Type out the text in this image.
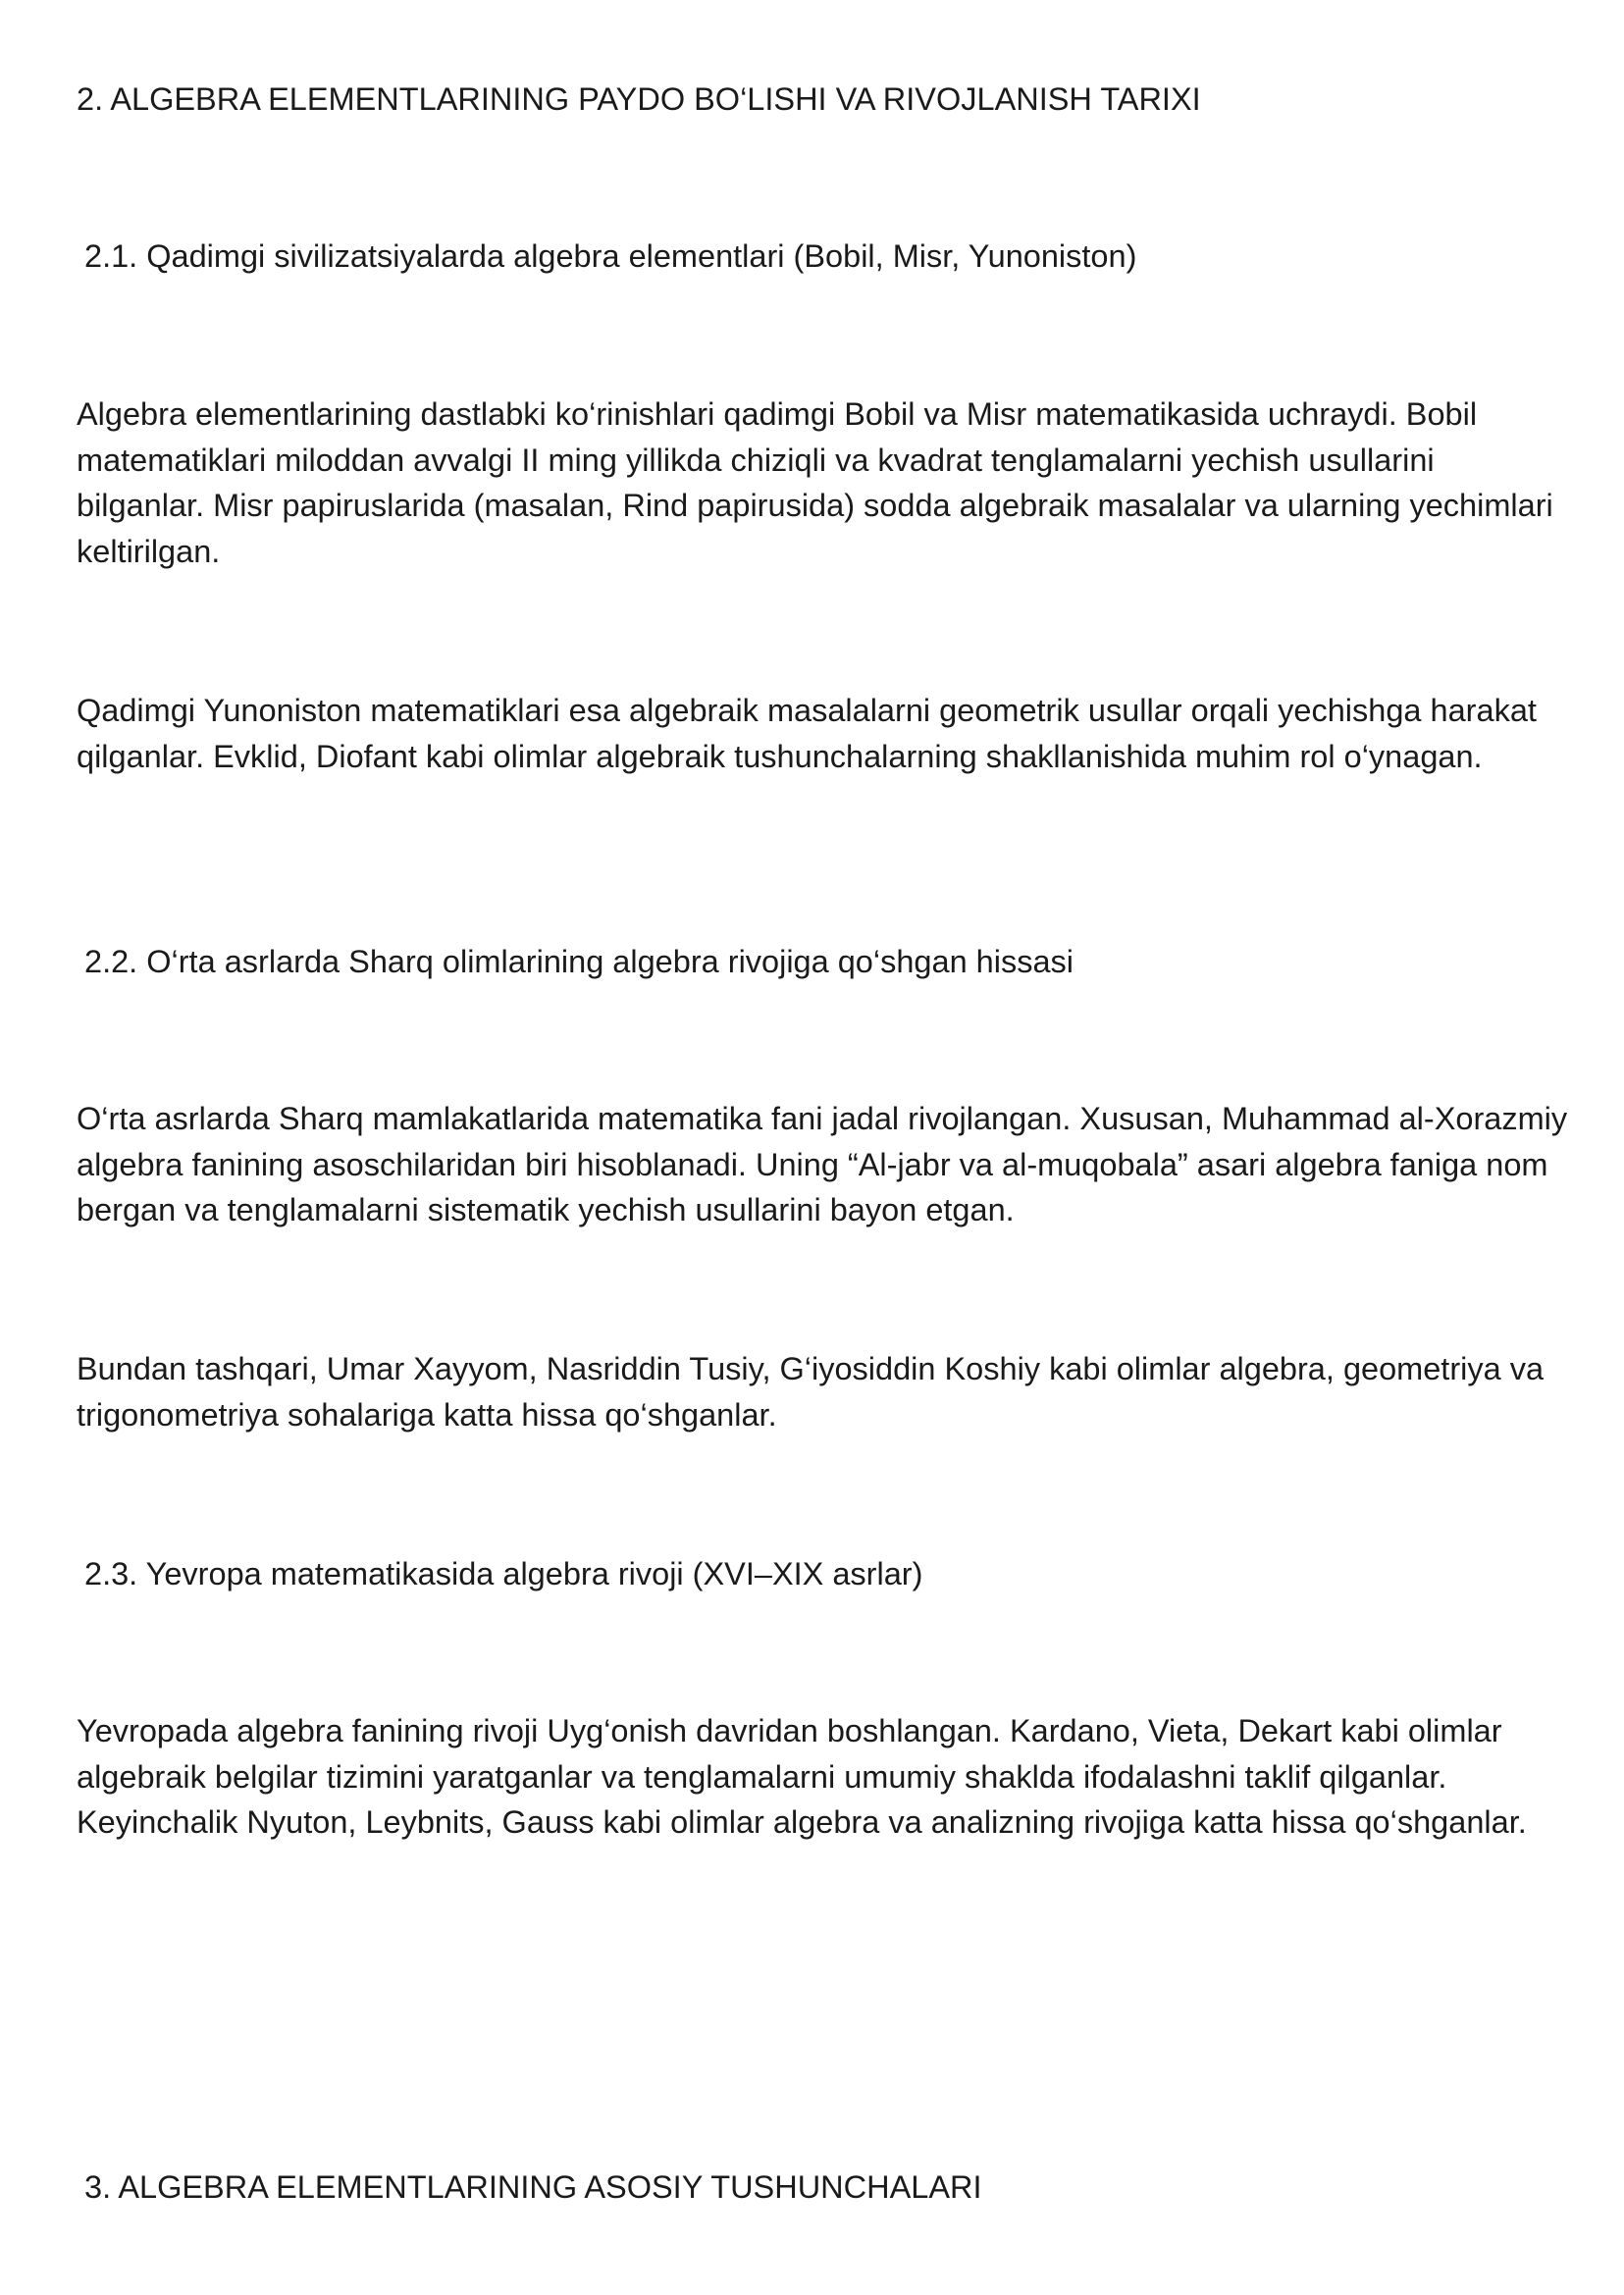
2. ALGEBRA ELEMENTLARINING PAYDO BO‘LISHI VA RIVOJLANISH TARIXI
2.1. Qadimgi sivilizatsiyalarda algebra elementlari (Bobil, Misr, Yunoniston)

Algebra elementlarining dastlabki ko‘rinishlari qadimgi Bobil va Misr matematikasida uchraydi. Bobil matematiklari miloddan avvalgi II ming yillikda chiziqli va kvadrat tenglamalarni yechish usullarini bilganlar. Misr papiruslarida (masalan, Rind papirusida) sodda algebraik masalalar va ularning yechimlari keltirilgan.

Qadimgi Yunoniston matematiklari esa algebraik masalalarni geometrik usullar orqali yechishga harakat qilganlar. Evklid, Diofant kabi olimlar algebraik tushunchalarning shakllanishida muhim rol o‘ynagan.

2.2. O‘rta asrlarda Sharq olimlarining algebra rivojiga qo‘shgan hissasi

O‘rta asrlarda Sharq mamlakatlarida matematika fani jadal rivojlangan. Xususan, Muhammad al-Xorazmiy algebra fanining asoschilaridan biri hisoblanadi. Uning “Al-jabr va al-muqobala” asari algebra faniga nom bergan va tenglamalarni sistematik yechish usullarini bayon etgan.

Bundan tashqari, Umar Xayyom, Nasriddin Tusiy, G‘iyosiddin Koshiy kabi olimlar algebra, geometriya va trigonometriya sohalariga katta hissa qo‘shganlar.

2.3. Yevropa matematikasida algebra rivoji (XVI–XIX asrlar)

Yevropada algebra fanining rivoji Uyg‘onish davridan boshlangan. Kardano, Vieta, Dekart kabi olimlar algebraik belgilar tizimini yaratganlar va tenglamalarni umumiy shaklda ifodalashni taklif qilganlar. Keyinchalik Nyuton, Leybnits, Gauss kabi olimlar algebra va analizning rivojiga katta hissa qo‘shganlar.

3. ALGEBRA ELEMENTLARINING ASOSIY TUSHUNCHALARI
